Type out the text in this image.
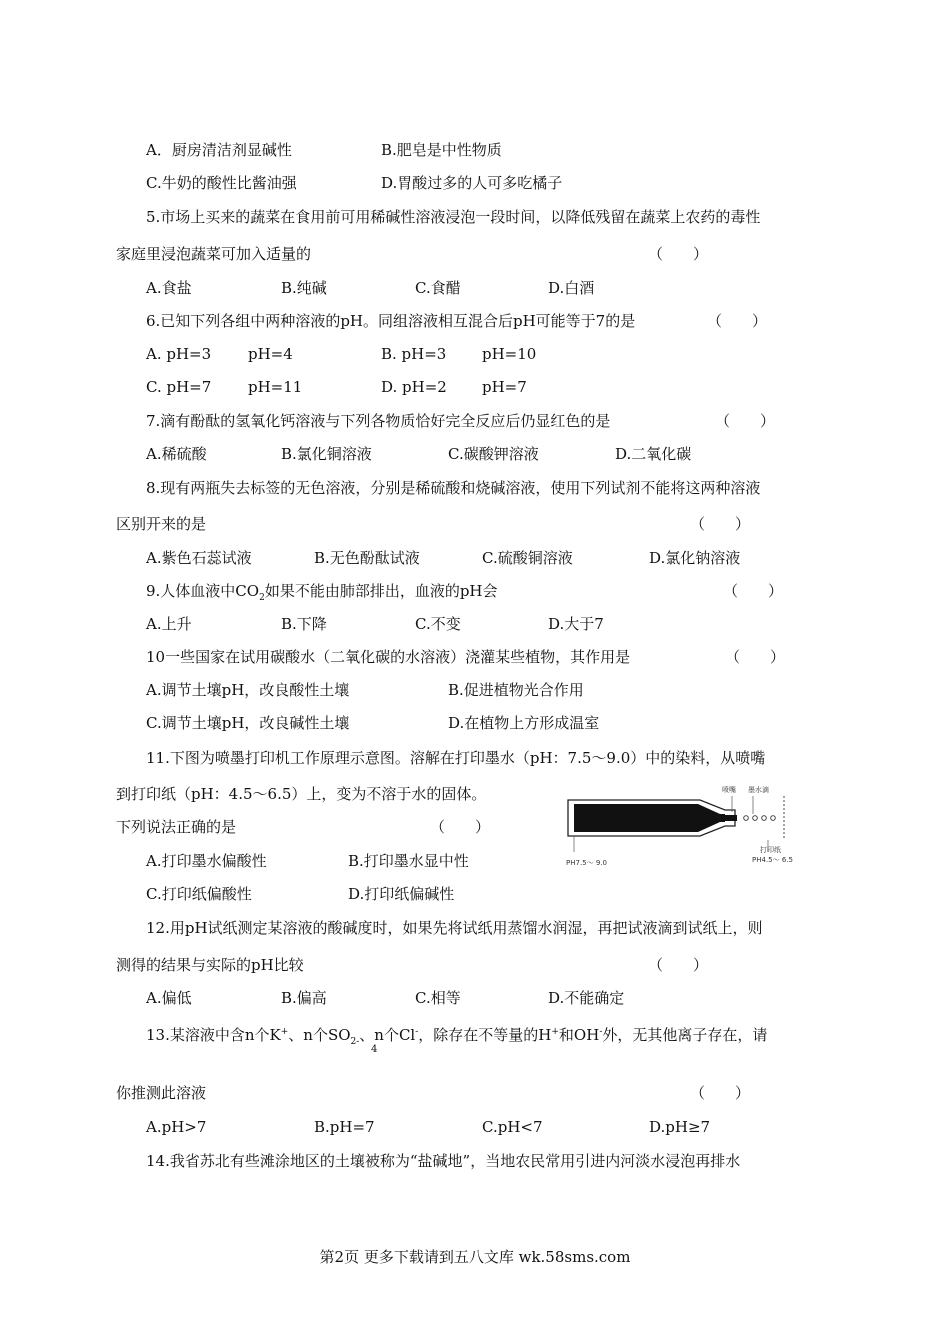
A．厨房清洁剂显碱性	B.肥皂是中性物质
C.牛奶的酸性比酱油强	D.胃酸过多的人可多吃橘子
5.市场上买来的蔬菜在食用前可用稀碱性溶液浸泡一段时间，以降低残留在蔬菜上农药的毒性
家庭里浸泡蔬菜可加入适量的	（　　）
A.食盐	B.纯碱	C.食醋	D.白酒
6.已知下列各组中两种溶液的pH。同组溶液相互混合后pH可能等于7的是	（　　）
A. pH=3 pH=4	B. pH=3 pH=10
C. pH=7 pH=11	D. pH=2 pH=7
7.滴有酚酞的氢氧化钙溶液与下列各物质恰好完全反应后仍显红色的是	（　　）
A.稀硫酸	B.氯化铜溶液	C.碳酸钾溶液	D.二氧化碳
8.现有两瓶失去标签的无色溶液，分别是稀硫酸和烧碱溶液，使用下列试剂不能将这两种溶液
区别开来的是	（　　）
A.紫色石蕊试液	B.无色酚酞试液	C.硫酸铜溶液	D.氯化钠溶液
9.人体血液中$CO_2$如果不能由肺部排出，血液的pH会	（　　）
A.上升	B.下降	C.不变	D.大于7
10一些国家在试用碳酸水（二氧化碳的水溶液）浇灌某些植物，其作用是	（　　）
A.调节土壤pH，改良酸性土壤	B.促进植物光合作用
C.调节土壤pH，改良碱性土壤	D.在植物上方形成温室
11.下图为喷墨打印机工作原理示意图。溶解在打印墨水（pH：7.5～9.0）中的染料，从喷嘴
到打印纸（pH：4.5～6.5）上，变为不溶于水的固体。
下列说法正确的是	（　　）
A.打印墨水偏酸性	B.打印墨水显中性
C.打印纸偏酸性	D.打印纸偏碱性
喷嘴 墨水滴
打印纸
PH7.5～ 9.0	PH4.5～ 6.5
12.用pH试纸测定某溶液的酸碱度时，如果先将试纸用蒸馏水润湿，再把试液滴到试纸上，则
测得的结果与实际的pH比较	（　　）
A.偏低	B.偏高	C.相等	D.不能确定
13.某溶液中含n个K+、n个$SO_{2-}$、n个Cl-，除存在不等量的H+和OH-外，无其他离子存在，请
4
你推测此溶液	（　　）
A.pH>7	B.pH=7	C.pH<7	D.pH≥7
14.我省苏北有些滩涂地区的土壤被称为“盐碱地”，当地农民常用引进内河淡水浸泡再排水
第2页 更多下载请到五八文库 wk.58sms.com
